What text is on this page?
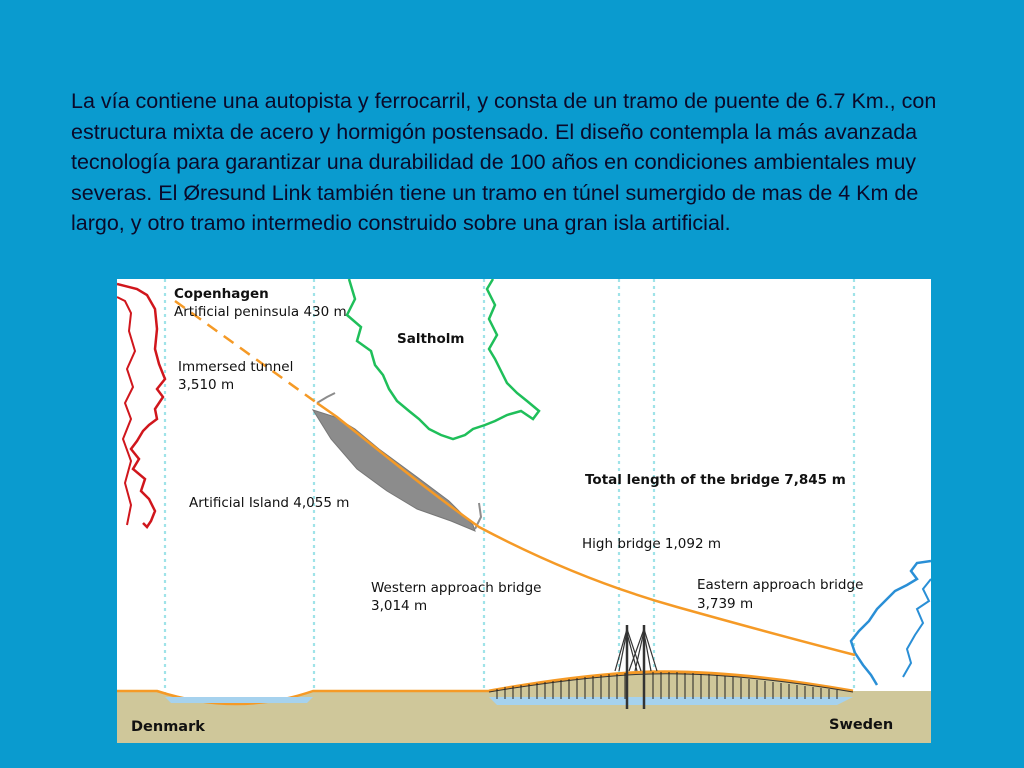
La vía contiene una autopista y ferrocarril, y consta de un tramo de puente de 6.7 Km., con estructura mixta de acero y hormigón postensado. El diseño contempla la más avanzada tecnología para garantizar una durabilidad de 100 años en condiciones ambientales muy severas. El Øresund Link también tiene un tramo en túnel sumergido de mas de 4 Km de largo, y otro tramo intermedio construido sobre una gran isla artificial.

Copenhagen
Artificial peninsula 430 m
Saltholm
Immersed tunnel
3,510 m
Total length of the bridge 7,845 m
Artificial Island 4,055 m
High bridge 1,092 m
Eastern approach bridge
3,739 m
Western approach bridge
3,014 m
Denmark	Sweden
